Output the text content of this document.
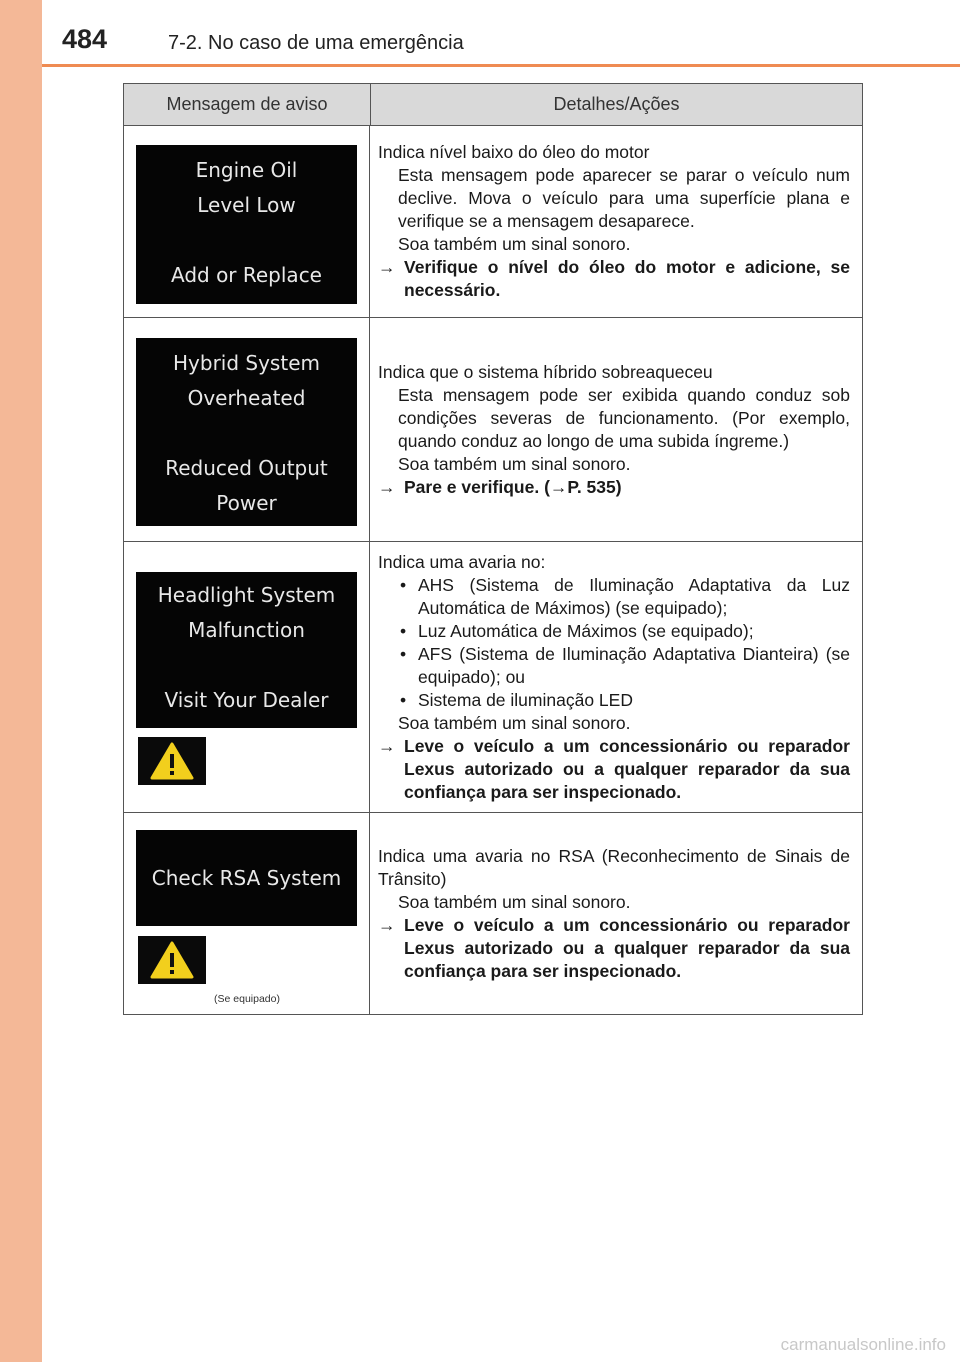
484	7-2. No caso de uma emergência
Mensagem de aviso	Detalhes/Ações
Engine Oil
Level Low
Add or Replace

Indica nível baixo do óleo do motor

Esta mensagem pode aparecer se parar o veículo num declive. Mova o veículo para uma superfície plana e verifique se a mensagem desaparece.

Soa também um sinal sonoro.

→ Verifique o nível do óleo do motor e adicione, se necessário.

Hybrid System
Overheated
Reduced Output
Power

Indica que o sistema híbrido sobreaqueceu

Esta mensagem pode ser exibida quando conduz sob condições severas de funcionamento. (Por exemplo, quando conduz ao longo de uma subida íngreme.)

Soa também um sinal sonoro.

→ Pare e verifique. (→P. 535)

Headlight System
Malfunction
Visit Your Dealer

Indica uma avaria no:

• AHS (Sistema de Iluminação Adaptativa da Luz Automática de Máximos) (se equipado);

• Luz Automática de Máximos (se equipado);

• AFS (Sistema de Iluminação Adaptativa Dianteira) (se equipado); ou

• Sistema de iluminação LED

Soa também um sinal sonoro.

→ Leve o veículo a um concessionário ou reparador Lexus autorizado ou a qualquer reparador da sua confiança para ser inspecionado.

Check RSA System
(Se equipado)

Indica uma avaria no RSA (Reconhecimento de Sinais de Trânsito)

Soa também um sinal sonoro.

→ Leve o veículo a um concessionário ou reparador Lexus autorizado ou a qualquer reparador da sua confiança para ser inspecionado.

carmanualsonline.info
